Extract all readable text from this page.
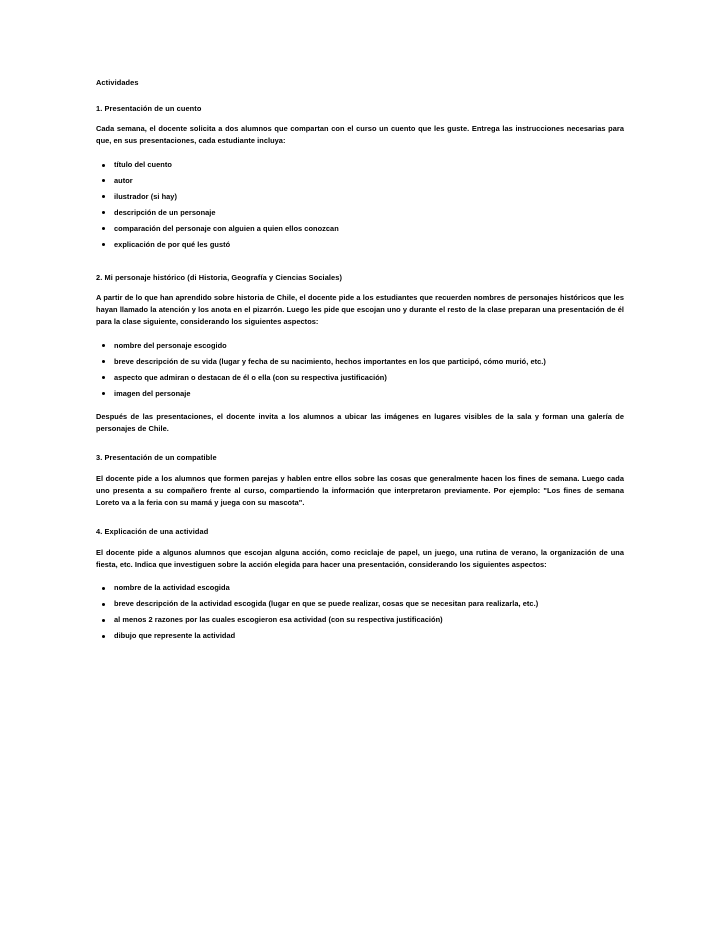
Actividades
1. Presentación de un cuento
Cada semana, el docente solicita a dos alumnos que compartan con el curso un cuento que les guste. Entrega las instrucciones necesarias para que, en sus presentaciones, cada estudiante incluya:
título del cuento
autor
ilustrador (si hay)
descripción de un personaje
comparación del personaje con alguien a quien ellos conozcan
explicación de por qué les gustó
2. Mi personaje histórico (di Historia, Geografía y Ciencias Sociales)
A partir de lo que han aprendido sobre historia de Chile, el docente pide a los estudiantes que recuerden nombres de personajes históricos que les hayan llamado la atención y los anota en el pizarrón. Luego les pide que escojan uno y durante el resto de la clase preparan una presentación de él para la clase siguiente, considerando los siguientes aspectos:
nombre del personaje escogido
breve descripción de su vida (lugar y fecha de su nacimiento, hechos importantes en los que participó, cómo murió, etc.)
aspecto que admiran o destacan de él o ella (con su respectiva justificación)
imagen del personaje
Después de las presentaciones, el docente invita a los alumnos a ubicar las imágenes en lugares visibles de la sala y forman una galería de personajes de Chile.
3. Presentación de un compatible
El docente pide a los alumnos que formen parejas y hablen entre ellos sobre las cosas que generalmente hacen los fines de semana. Luego cada uno presenta a su compañero frente al curso, compartiendo la información que interpretaron previamente. Por ejemplo: "Los fines de semana Loreto va a la feria con su mamá y juega con su mascota".
4. Explicación de una actividad
El docente pide a algunos alumnos que escojan alguna acción, como reciclaje de papel, un juego, una rutina de verano, la organización de una fiesta, etc. Indica que investiguen sobre la acción elegida para hacer una presentación, considerando los siguientes aspectos:
nombre de la actividad escogida
breve descripción de la actividad escogida (lugar en que se puede realizar, cosas que se necesitan para realizarla, etc.)
al menos 2 razones por las cuales escogieron esa actividad (con su respectiva justificación)
dibujo que represente la actividad
